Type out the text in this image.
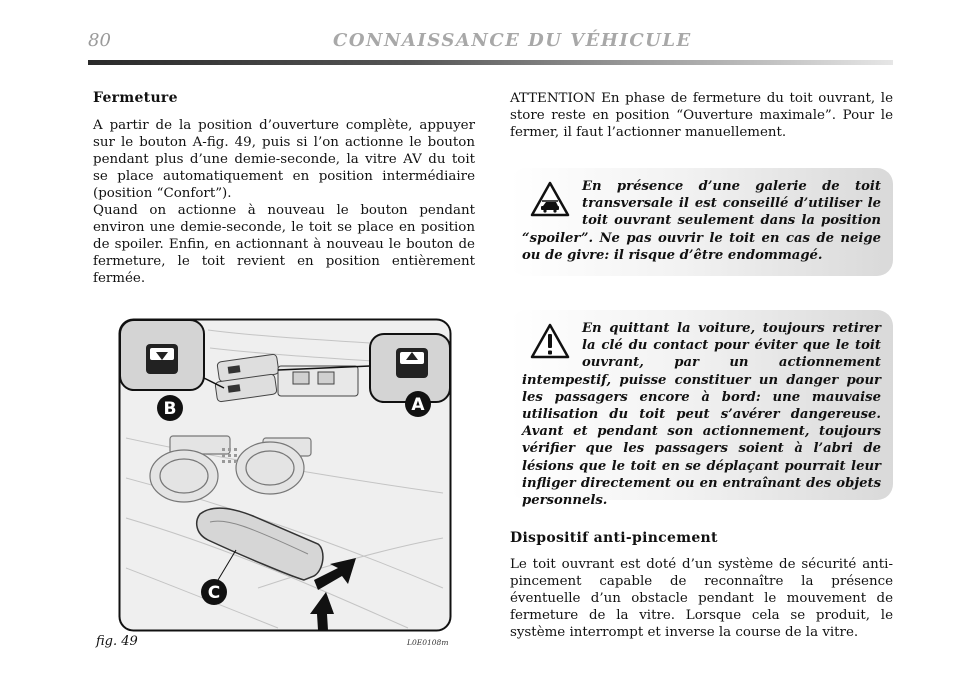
80	CONNAISSANCE DU VÉHICULE
Fermeture

A partir de la position d’ouverture complète, appuyer sur le bouton A-fig. 49, puis si l’on actionne le bouton pendant plus d’une demie-seconde, la vitre AV du toit se place automatiquement en position intermédiaire (position “Confort”).

Quand on actionne à nouveau le bouton pendant environ une demie-seconde, le toit se place en position de spoiler. Enfin, en actionnant à nouveau le bouton de fermeture, le toit revient en position entièrement fermée.

ATTENTION En phase de fermeture du toit ouvrant, le store reste en position “Ouverture maximale”. Pour le fermer, il faut l’actionner manuellement.

En présence d’une galerie de toit transversale il est conseillé d’utiliser le toit ouvrant seulement dans la position “spoiler”. Ne pas ouvrir le toit en cas de neige ou de givre: il risque d’être endommagé.
En quittant la voiture, toujours retirer la clé du contact pour éviter que le toit ouvrant, par un actionnement intempestif, puisse constituer un danger pour les passagers encore à bord: une mauvaise utilisation du toit peut s’avérer dangereuse. Avant et pendant son actionnement, toujours vérifier que les passagers soient à l’abri de lésions que le toit en se déplaçant pourrait leur infliger directement ou en entraînant des objets personnels.
B	A
C
fig. 49	L0E0108m
Dispositif anti-pincement

Le toit ouvrant est doté d’un système de sécurité anti-pincement capable de reconnaître la présence éventuelle d’un obstacle pendant le mouvement de fermeture de la vitre. Lorsque cela se produit, le système interrompt et inverse la course de la vitre.
